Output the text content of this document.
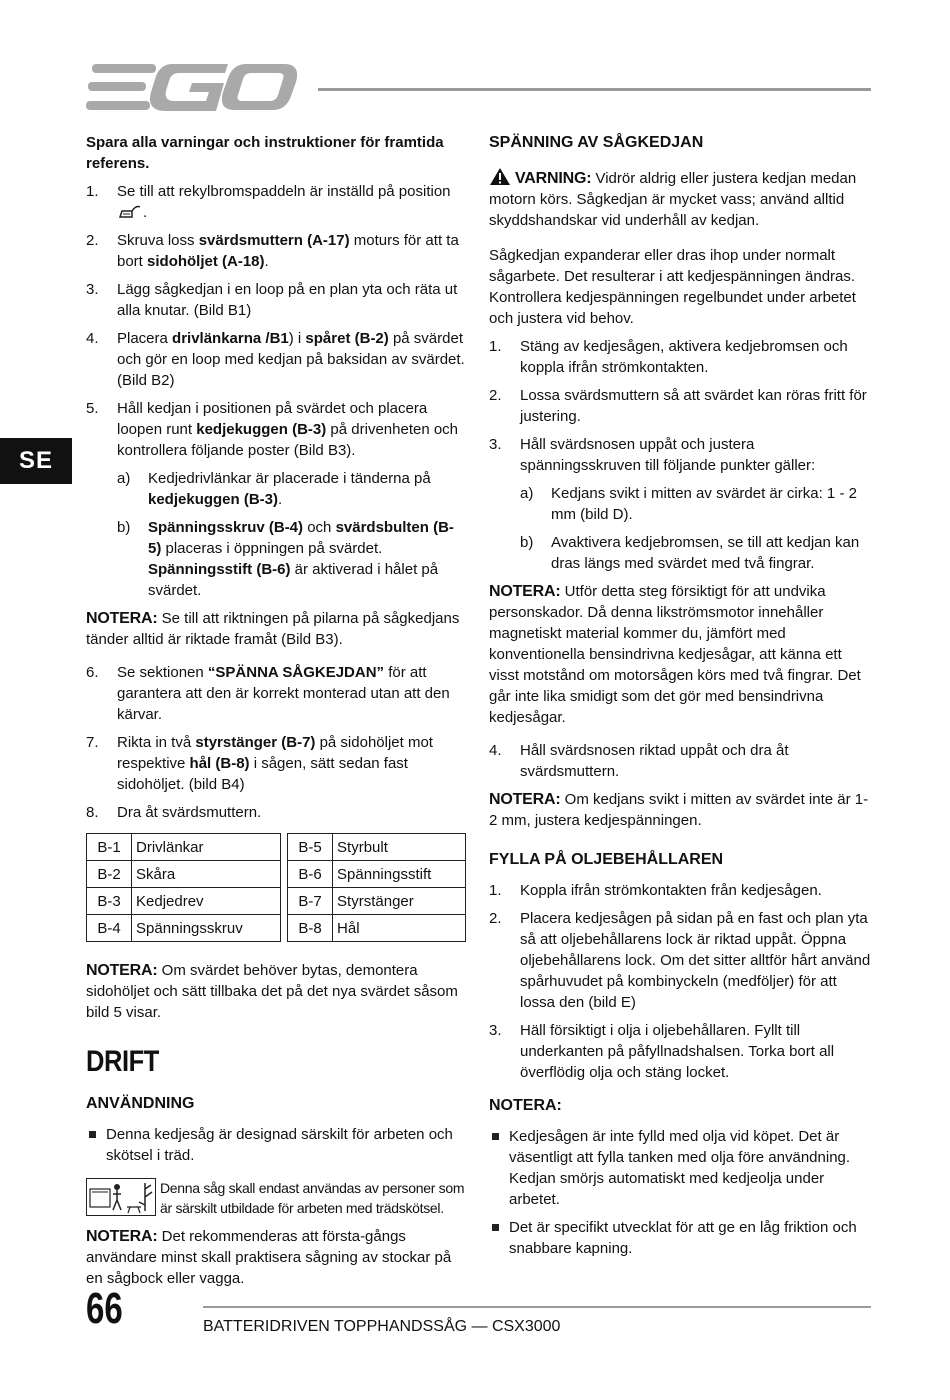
EGO
SE

Spara alla varningar och instruktioner för framtida referens.

1. Se till att rekylbromspaddeln är inställd på position
.
2. Skruva loss svärdsmuttern (A-17) moturs för att ta bort sidohöljet (A-18).
3. Lägg sågkedjan i en loop på en plan yta och räta ut alla knutar. (Bild B1)
4. Placera drivlänkarna /B1) i spåret (B-2) på svärdet och gör en loop med kedjan på baksidan av svärdet. (Bild B2)
5. Håll kedjan i positionen på svärdet och placera loopen runt kedjekuggen (B-3) på drivenheten och kontrollera följande poster (Bild B3).
a) Kedjedrivlänkar är placerade i tänderna på kedjekuggen (B-3).
b) Spänningsskruv (B-4) och svärdsbulten (B-5) placeras i öppningen på svärdet. Spänningsstift (B-6) är aktiverad i hålet på svärdet.

NOTERA: Se till att riktningen på pilarna på sågkedjans tänder alltid är riktade framåt (Bild B3).

6. Se sektionen “SPÄNNA SÅGKEJDAN” för att garantera att den är korrekt monterad utan att den kärvar.
7. Rikta in två styrstänger (B-7) på sidohöljet mot respektive hål (B-8) i sågen, sätt sedan fast sidohöljet. (bild B4)
8. Dra åt svärdsmuttern.
B-1	Drivlänkar		B-5	Styrbult
B-2	Skåra		B-6	Spänningsstift
B-3	Kedjedrev		B-7	Styrstänger
B-4	Spänningsskruv		B-8	Hål

NOTERA: Om svärdet behöver bytas, demontera sidohöljet och sätt tillbaka det på det nya svärdet såsom bild 5 visar.

DRIFT
ANVÄNDNING
Denna kedjesåg är designad särskilt för arbeten och skötsel i träd.
Denna såg skall endast användas av personer som är särskilt utbildade för arbeten med trädskötsel.

NOTERA: Det rekommenderas att första-gångs användare minst skall praktisera sågning av stockar på en sågbock eller vagga.

SPÄNNING AV SÅGKEDJAN

VARNING: Vidrör aldrig eller justera kedjan medan motorn körs. Sågkedjan är mycket vass; använd alltid skyddshandskar vid underhåll av kedjan.

Sågkedjan expanderar eller dras ihop under normalt sågarbete. Det resulterar i att kedjespänningen ändras. Kontrollera kedjespänningen regelbundet under arbetet och justera vid behov.

1. Stäng av kedjesågen, aktivera kedjebromsen och koppla ifrån strömkontakten.
2. Lossa svärdsmuttern så att svärdet kan röras fritt för justering.
3. Håll svärdsnosen uppåt och justera spänningsskruven till följande punkter gäller:
a) Kedjans svikt i mitten av svärdet är cirka: 1 - 2 mm (bild D).
b) Avaktivera kedjebromsen, se till att kedjan kan dras längs med svärdet med två fingrar.

NOTERA: Utför detta steg försiktigt för att undvika personskador. Då denna likströmsmotor innehåller magnetiskt material kommer du, jämfört med konventionella bensindrivna kedjesågar, att känna ett visst motstånd om motorsågen körs med två fingrar. Det går inte lika smidigt som det gör med bensindrivna kedjesågar.

4. Håll svärdsnosen riktad uppåt och dra åt svärdsmuttern.

NOTERA: Om kedjans svikt i mitten av svärdet inte är 1-2 mm, justera kedjespänningen.

FYLLA PÅ OLJEBEHÅLLAREN
1. Koppla ifrån strömkontakten från kedjesågen.
2. Placera kedjesågen på sidan på en fast och plan yta så att oljebehållarens lock är riktad uppåt. Öppna oljebehållarens lock. Om det sitter alltför hårt använd spårhuvudet på kombinyckeln (medföljer) för att lossa den (bild E)
3. Häll försiktigt i olja i oljebehållaren. Fyllt till underkanten på påfyllnadshalsen. Torka bort all överflödig olja och stäng locket.
NOTERA:
Kedjesågen är inte fylld med olja vid köpet. Det är väsentligt att fylla tanken med olja före användning. Kedjan smörjs automatiskt med kedjeolja under arbetet.
Det är specifikt utvecklat för att ge en låg friktion och snabbare kapning.
66	BATTERIDRIVEN TOPPHANDSSÅG — CSX3000
